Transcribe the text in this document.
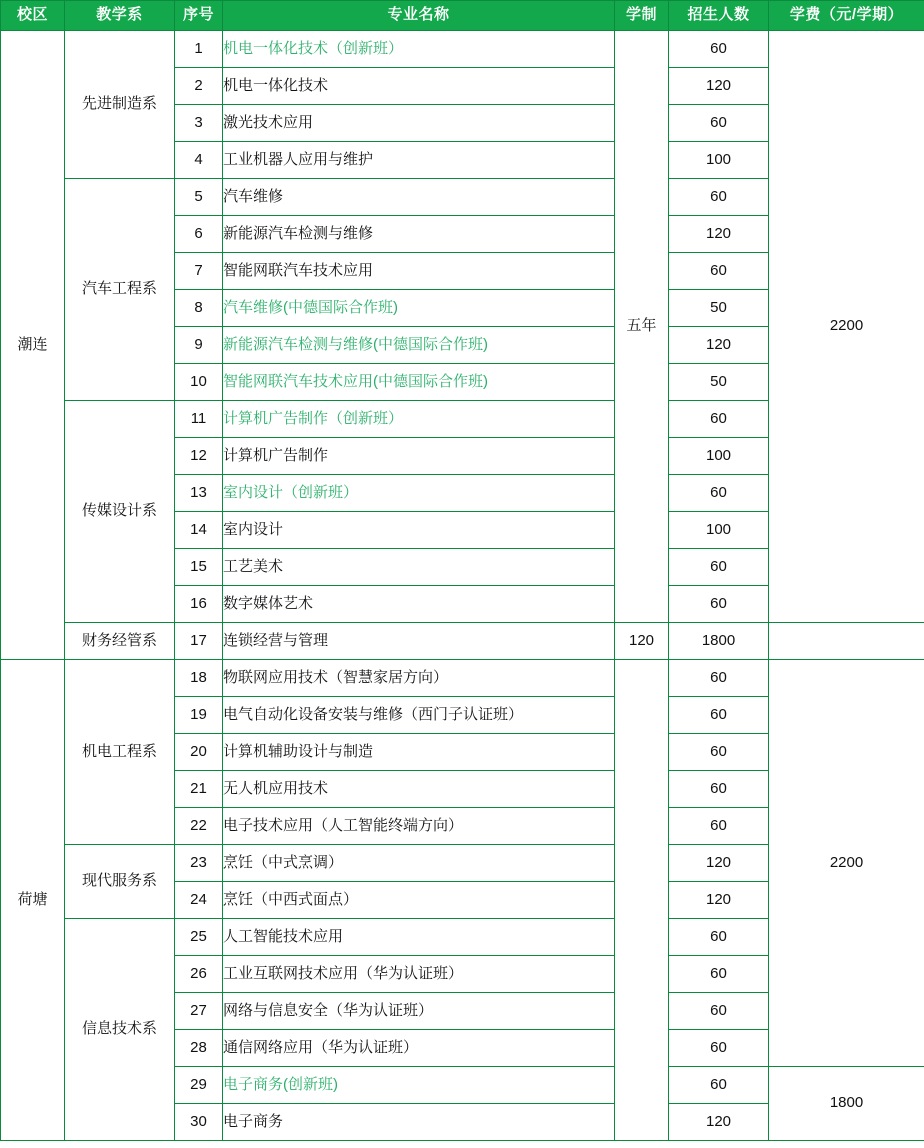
校区	教学系	序号	专业名称	学制	招生人数	学费（元/学期）
潮连	先进制造系	1	机电一体化技术（创新班）	五年	60	2200
		2	机电一体化技术		120	
		3	激光技术应用		60	
		4	工业机器人应用与维护		100	
	汽车工程系	5	汽车维修		60	
		6	新能源汽车检测与维修		120	
		7	智能网联汽车技术应用		60	
		8	汽车维修(中德国际合作班)		50	
		9	新能源汽车检测与维修(中德国际合作班)		120	
		10	智能网联汽车技术应用(中德国际合作班)		50	
	传媒设计系	11	计算机广告制作（创新班）		60	
		12	计算机广告制作		100	
		13	室内设计（创新班）		60	
		14	室内设计		100	
		15	工艺美术		60	
		16	数字媒体艺术		60	
	财务经管系	17	连锁经营与管理	120	1800	
荷塘	机电工程系	18	物联网应用技术（智慧家居方向）		60	2200
		19	电气自动化设备安装与维修（西门子认证班）		60	
		20	计算机辅助设计与制造		60	
		21	无人机应用技术		60	
		22	电子技术应用（人工智能终端方向）		60	
	现代服务系	23	烹饪（中式烹调）		120	
		24	烹饪（中西式面点）		120	
	信息技术系	25	人工智能技术应用		60	
		26	工业互联网技术应用（华为认证班）		60	
		27	网络与信息安全（华为认证班）		60	
		28	通信网络应用（华为认证班）		60	
		29	电子商务(创新班)		60	1800
		30	电子商务		120	
